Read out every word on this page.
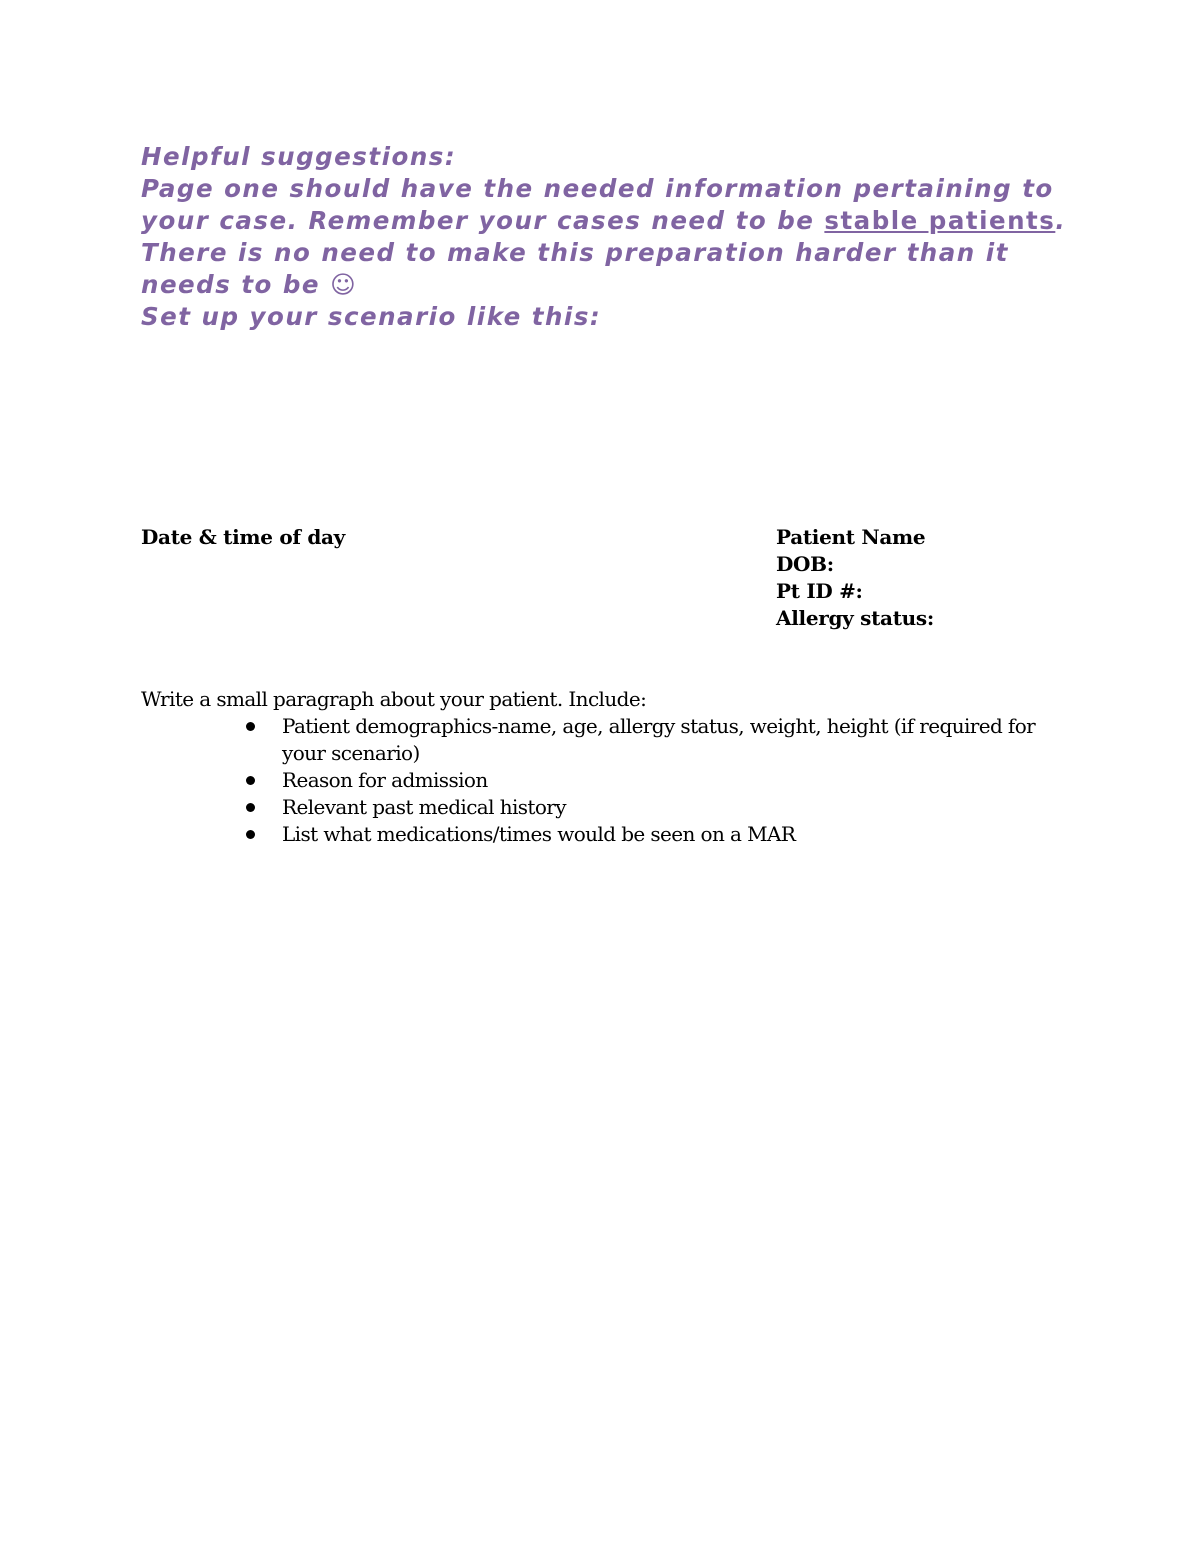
Helpful suggestions:

Page one should have the needed information pertaining to your case. Remember your cases need to be stable patients. There is no need to make this preparation harder than it needs to be ☺

Set up your scenario like this:

Date & time of day	Patient Name
DOB:
Pt ID #:
Allergy status:

Write a small paragraph about your patient. Include:

Patient demographics-name, age, allergy status, weight, height (if required for your scenario)
Reason for admission
Relevant past medical history
List what medications/times would be seen on a MAR
